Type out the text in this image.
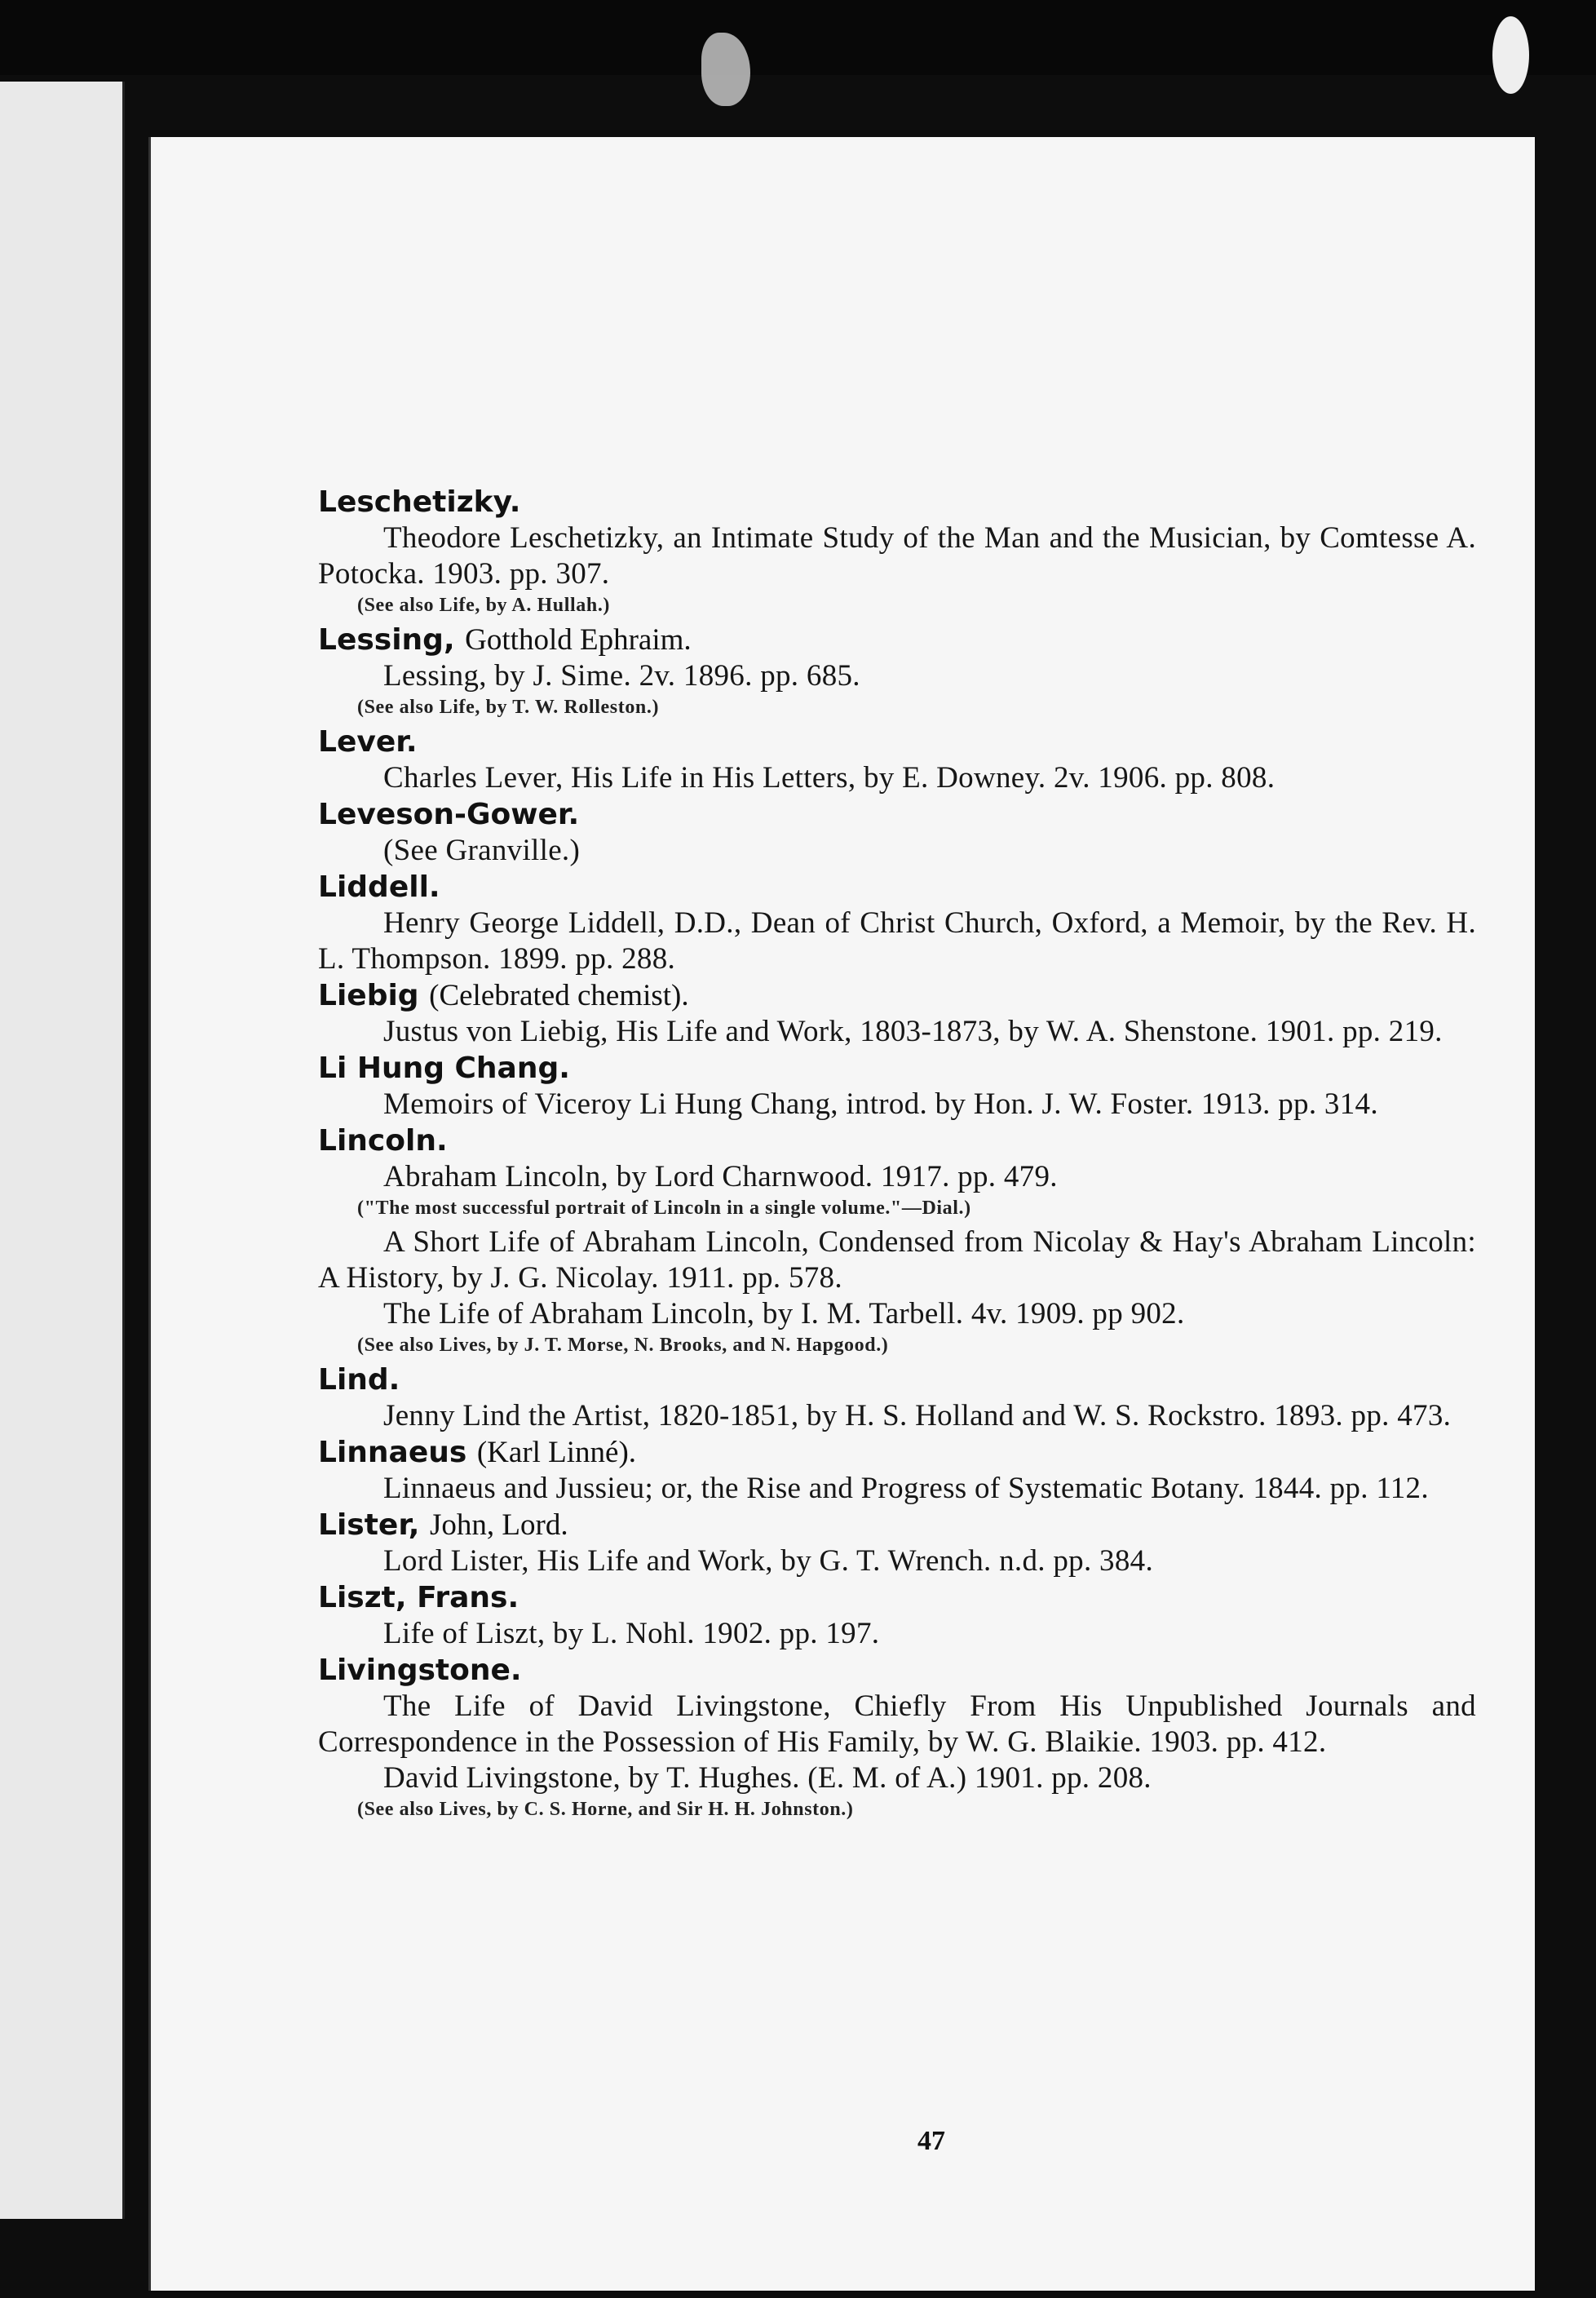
Leschetizky.

Theodore Leschetizky, an Intimate Study of the Man and the Musician, by Comtesse A. Potocka. 1903. pp. 307.

(See also Life, by A. Hullah.)

Lessing, Gotthold Ephraim.

Lessing, by J. Sime. 2v. 1896. pp. 685.

(See also Life, by T. W. Rolleston.)

Lever.

Charles Lever, His Life in His Letters, by E. Downey. 2v. 1906. pp. 808.

Leveson-Gower.

(See Granville.)

Liddell.

Henry George Liddell, D.D., Dean of Christ Church, Oxford, a Memoir, by the Rev. H. L. Thompson. 1899. pp. 288.

Liebig (Celebrated chemist).

Justus von Liebig, His Life and Work, 1803-1873, by W. A. Shenstone. 1901. pp. 219.

Li Hung Chang.

Memoirs of Viceroy Li Hung Chang, introd. by Hon. J. W. Foster. 1913. pp. 314.

Lincoln.

Abraham Lincoln, by Lord Charnwood. 1917. pp. 479.

("The most successful portrait of Lincoln in a single volume."—Dial.)

A Short Life of Abraham Lincoln, Condensed from Nicolay & Hay's Abraham Lincoln: A History, by J. G. Nicolay. 1911. pp. 578.

The Life of Abraham Lincoln, by I. M. Tarbell. 4v. 1909. pp 902.

(See also Lives, by J. T. Morse, N. Brooks, and N. Hapgood.)

Lind.

Jenny Lind the Artist, 1820-1851, by H. S. Holland and W. S. Rockstro. 1893. pp. 473.

Linnaeus (Karl Linné).

Linnaeus and Jussieu; or, the Rise and Progress of Systematic Botany. 1844. pp. 112.

Lister, John, Lord.

Lord Lister, His Life and Work, by G. T. Wrench. n.d. pp. 384.

Liszt, Frans.

Life of Liszt, by L. Nohl. 1902. pp. 197.

Livingstone.

The Life of David Livingstone, Chiefly From His Unpublished Journals and Correspondence in the Possession of His Family, by W. G. Blaikie. 1903. pp. 412.

David Livingstone, by T. Hughes. (E. M. of A.) 1901. pp. 208.

(See also Lives, by C. S. Horne, and Sir H. H. Johnston.)

47
